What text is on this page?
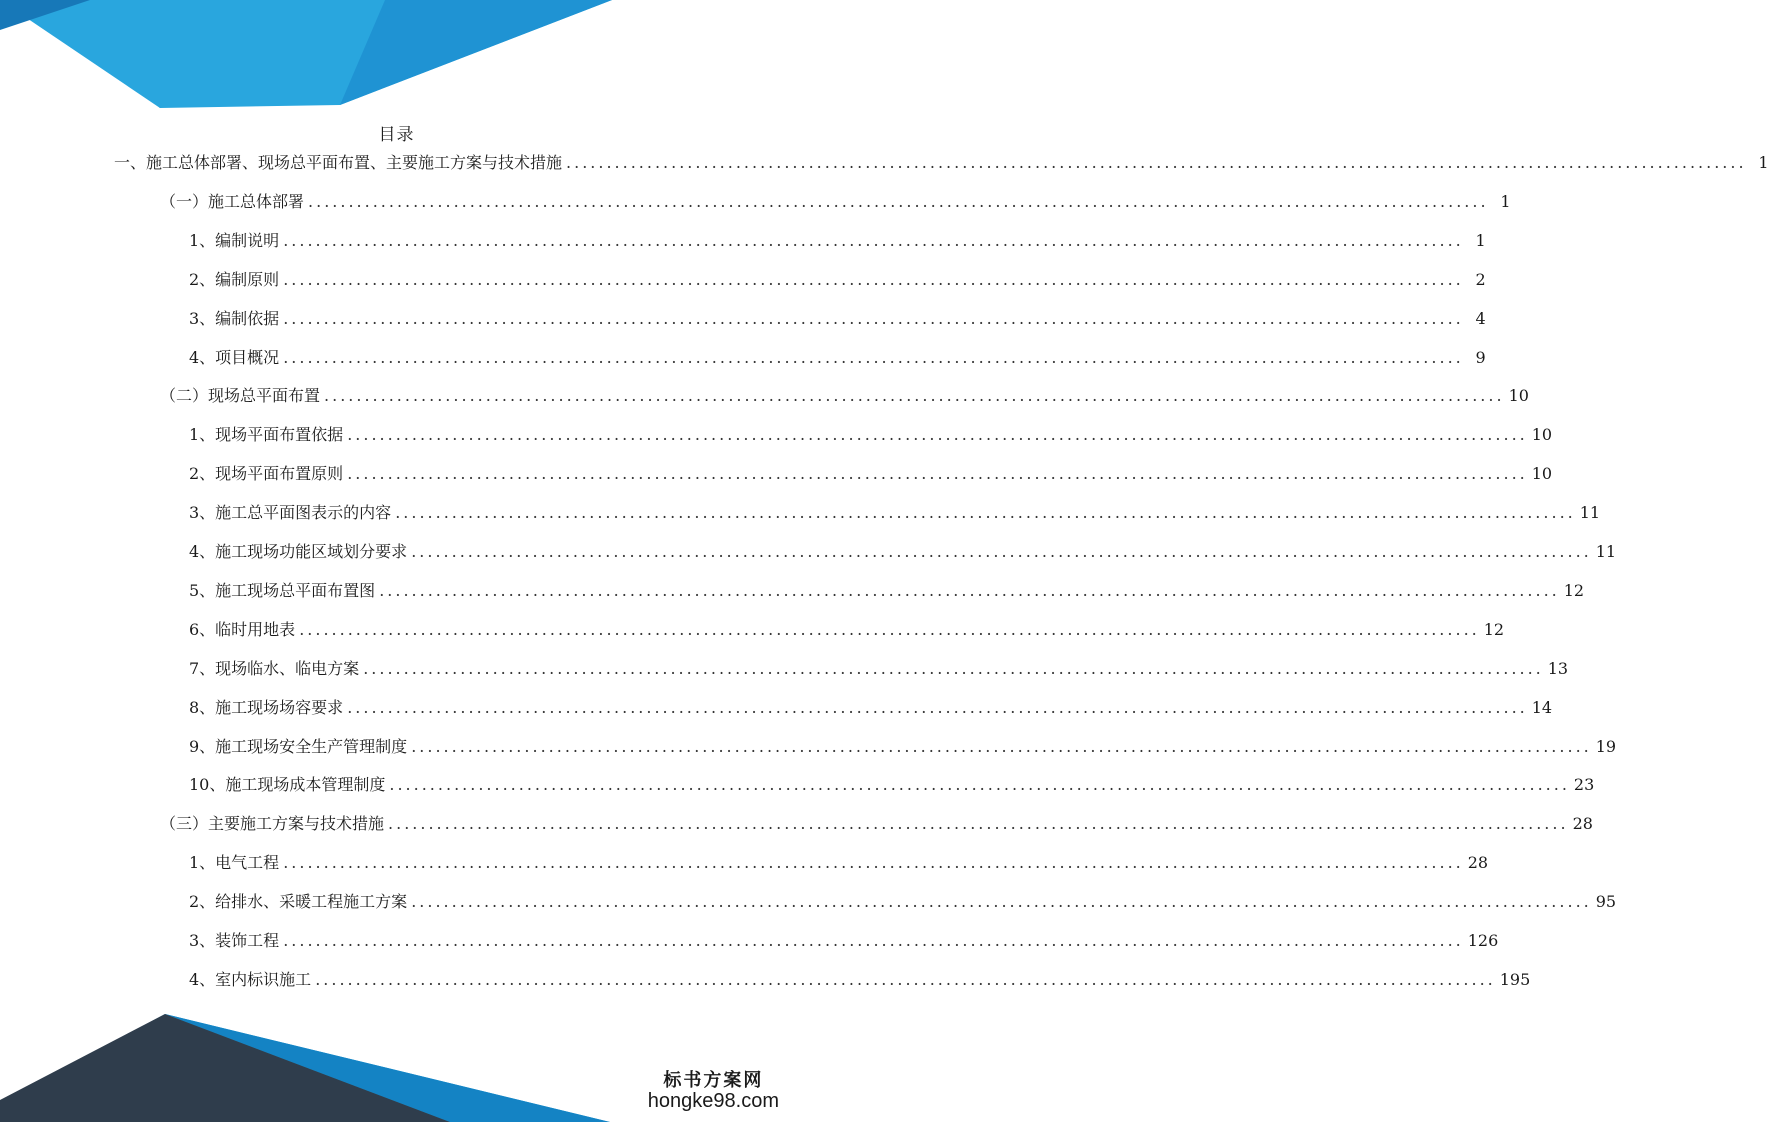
目录
一、施工总体部署、现场总平面布置、主要施工方案与技术措施 .................................................................................................................................................. 1
（一）施工总体部署 .................................................................................................................................................. 1
1、编制说明 .................................................................................................................................................. 1
2、编制原则 .................................................................................................................................................. 2
3、编制依据 .................................................................................................................................................. 4
4、项目概况 .................................................................................................................................................. 9
（二）现场总平面布置 .................................................................................................................................................. 10
1、现场平面布置依据 .................................................................................................................................................. 10
2、现场平面布置原则 .................................................................................................................................................. 10
3、施工总平面图表示的内容 .................................................................................................................................................. 11
4、施工现场功能区域划分要求 .................................................................................................................................................. 11
5、施工现场总平面布置图 .................................................................................................................................................. 12
6、临时用地表 .................................................................................................................................................. 12
7、现场临水、临电方案 .................................................................................................................................................. 13
8、施工现场场容要求 .................................................................................................................................................. 14
9、施工现场安全生产管理制度 .................................................................................................................................................. 19
10、施工现场成本管理制度 .................................................................................................................................................. 23
（三）主要施工方案与技术措施 .................................................................................................................................................. 28
1、电气工程 .................................................................................................................................................. 28
2、给排水、采暖工程施工方案 .................................................................................................................................................. 95
3、装饰工程 .................................................................................................................................................. 126
4、室内标识施工 .................................................................................................................................................. 195
标书方案网
hongke98.com
